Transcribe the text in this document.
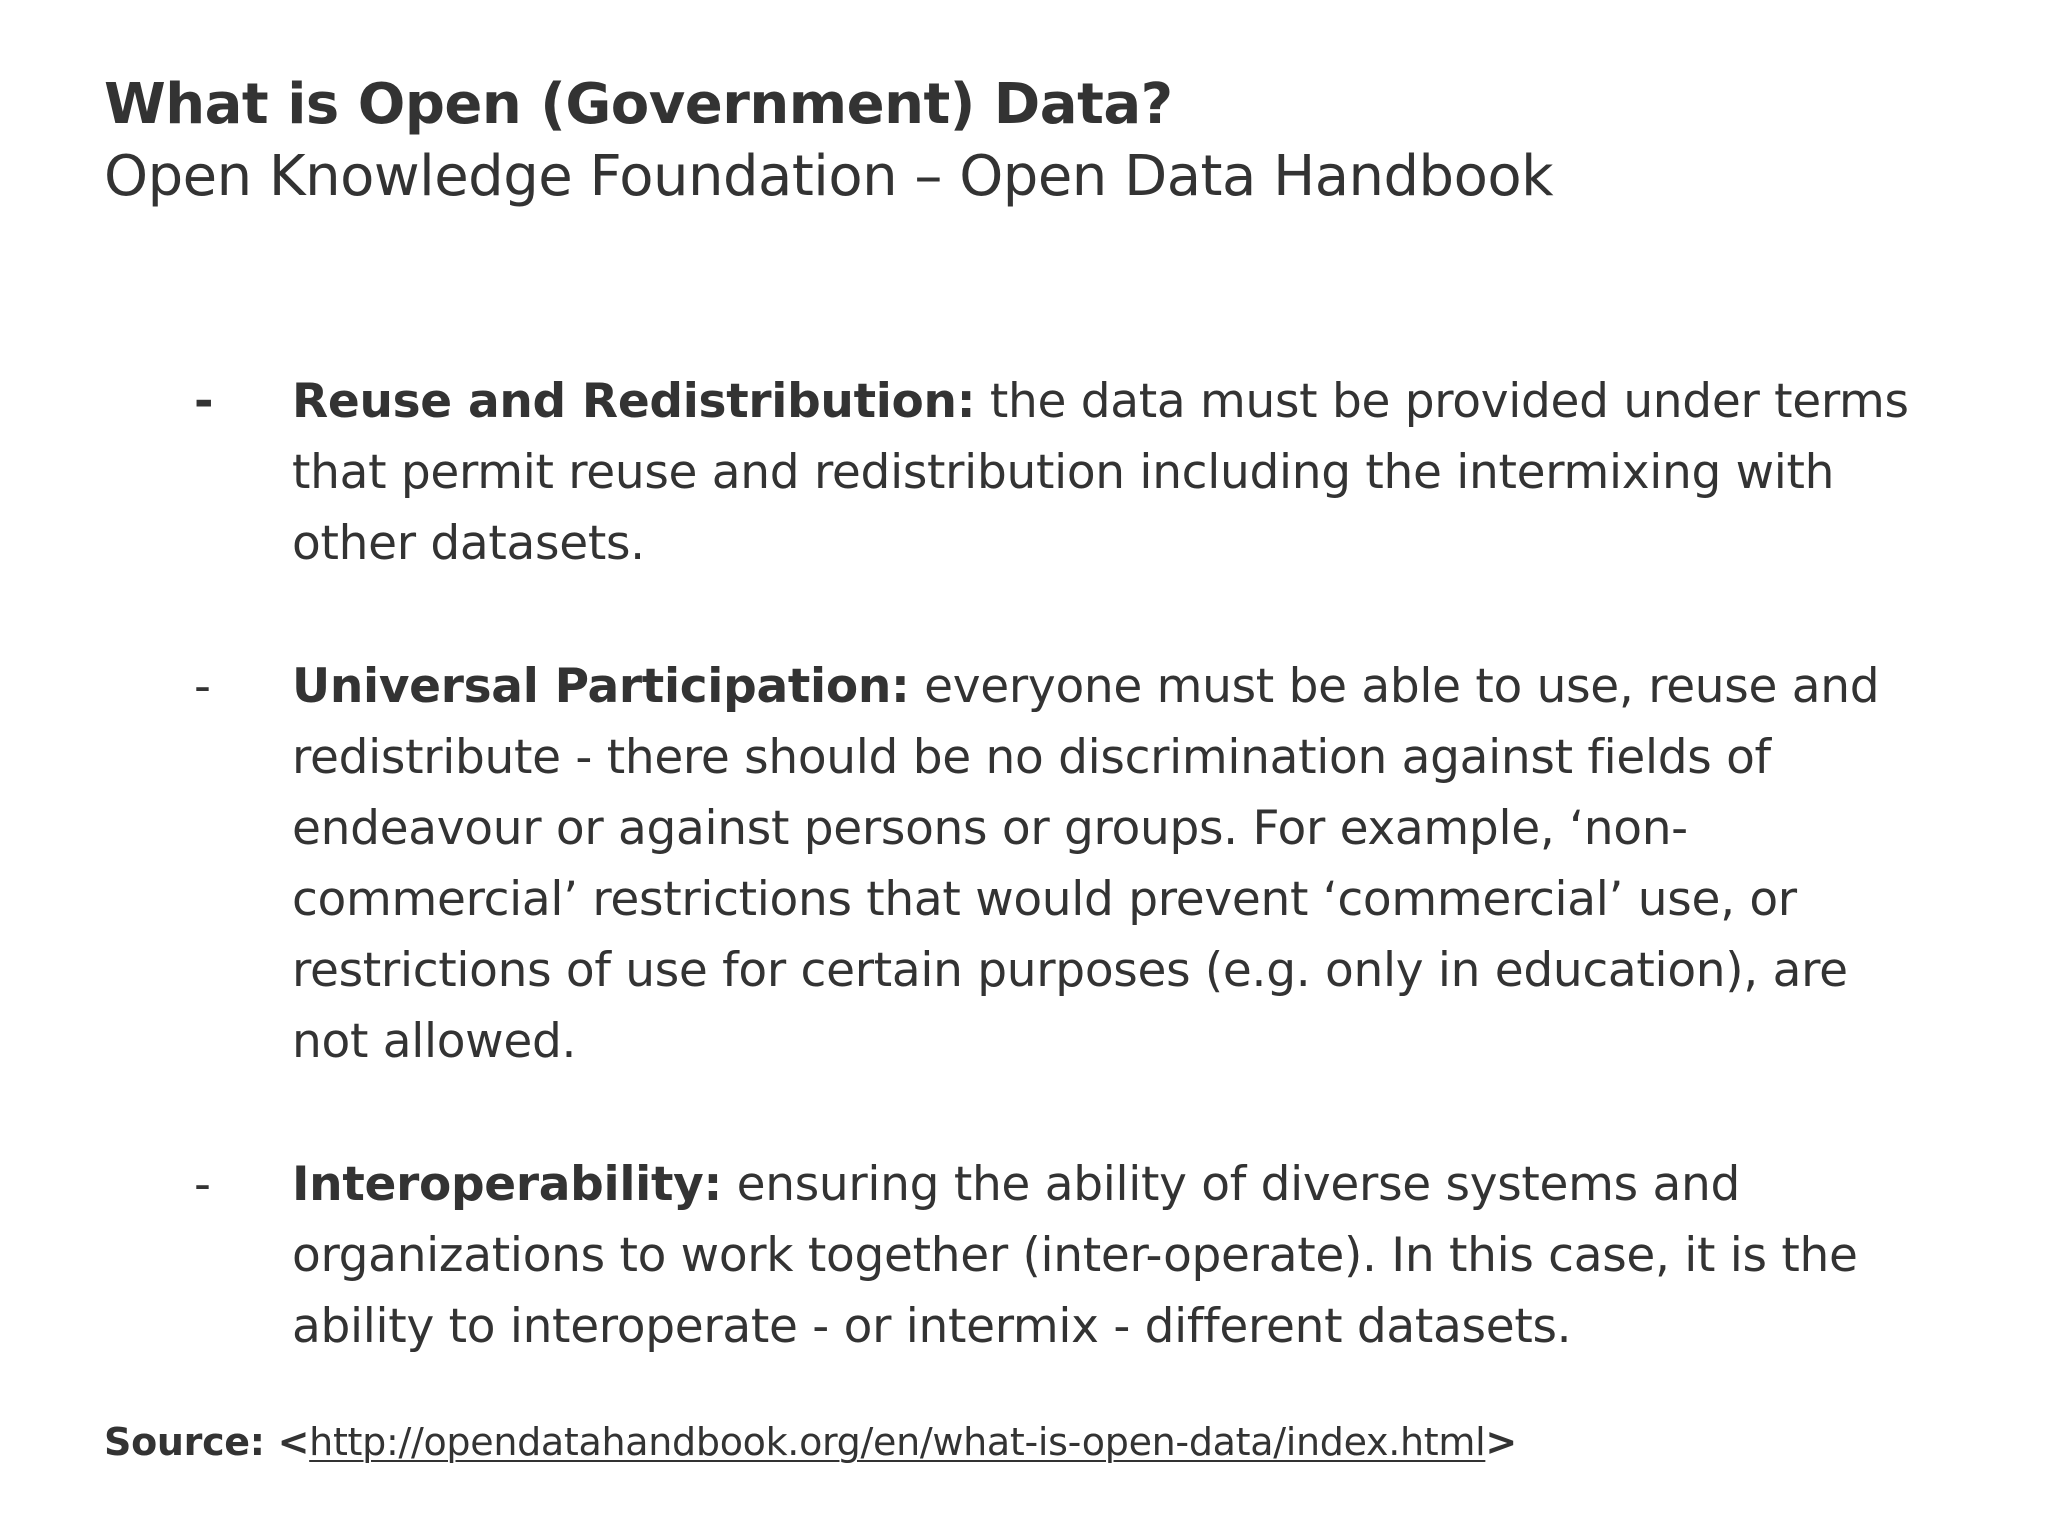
What is Open (Government) Data?
Open Knowledge Foundation – Open Data Handbook
-	Reuse and Redistribution: the data must be provided under terms that permit reuse and redistribution including the intermixing with other datasets.
-	Universal Participation: everyone must be able to use, reuse and redistribute - there should be no discrimination against fields of endeavour or against persons or groups. For example, ‘non-commercial’ restrictions that would prevent ‘commercial’ use, or restrictions of use for certain purposes (e.g. only in education), are not allowed.
-	Interoperability: ensuring the ability of diverse systems and organizations to work together (inter-operate). In this case, it is the ability to interoperate - or intermix - different datasets.
Source: <http://opendatahandbook.org/en/what-is-open-data/index.html>
